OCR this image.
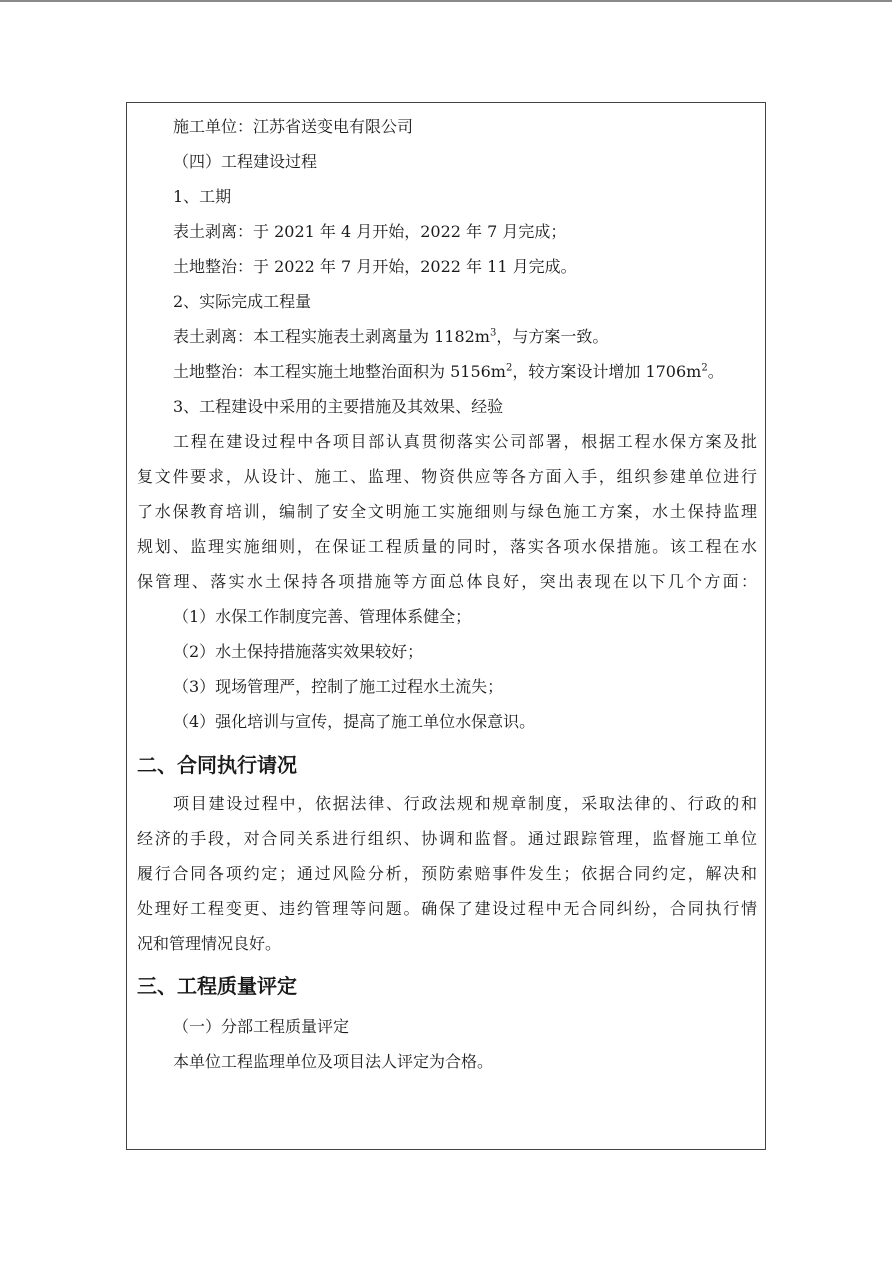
施工单位：江苏省送变电有限公司
（四）工程建设过程
1、工期
表土剥离：于 2021 年 4 月开始，2022 年 7 月完成；
土地整治：于 2022 年 7 月开始，2022 年 11 月完成。
2、实际完成工程量
表土剥离：本工程实施表土剥离量为 $1182m^3$，与方案一致。
土地整治：本工程实施土地整治面积为 $5156m^2$，较方案设计增加 $1706m^2$。
3、工程建设中采用的主要措施及其效果、经验
工程在建设过程中各项目部认真贯彻落实公司部署，根据工程水保方案及批
复文件要求，从设计、施工、监理、物资供应等各方面入手，组织参建单位进行
了水保教育培训，编制了安全文明施工实施细则与绿色施工方案，水土保持监理
规划、监理实施细则，在保证工程质量的同时，落实各项水保措施。该工程在水
保管理、落实水土保持各项措施等方面总体良好，突出表现在以下几个方面：
（1）水保工作制度完善、管理体系健全；
（2）水土保持措施落实效果较好；
（3）现场管理严，控制了施工过程水土流失；
（4）强化培训与宣传，提高了施工单位水保意识。
二、合同执行请况
项目建设过程中，依据法律、行政法规和规章制度，采取法律的、行政的和
经济的手段，对合同关系进行组织、协调和监督。通过跟踪管理，监督施工单位
履行合同各项约定；通过风险分析，预防索赔事件发生；依据合同约定，解决和
处理好工程变更、违约管理等问题。确保了建设过程中无合同纠纷，合同执行情
况和管理情况良好。
三、工程质量评定
（一）分部工程质量评定
本单位工程监理单位及项目法人评定为合格。
